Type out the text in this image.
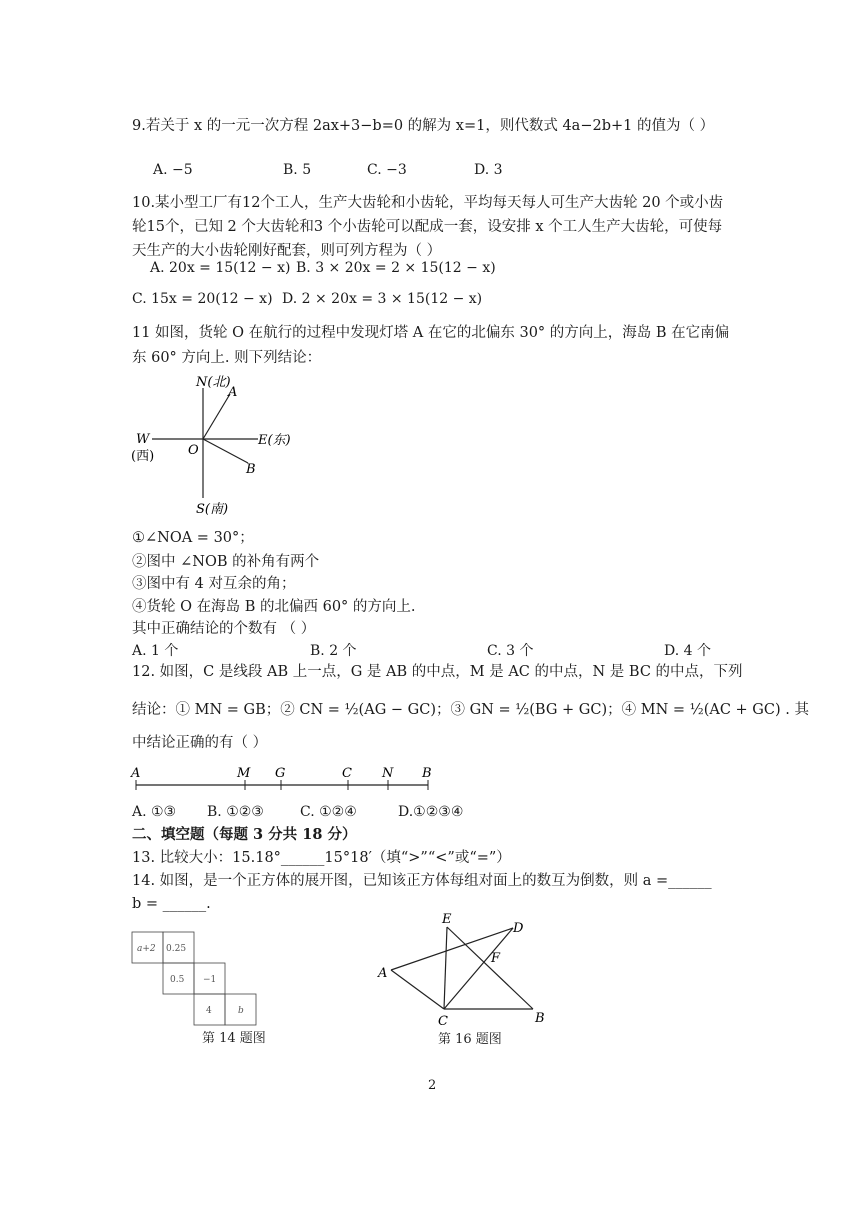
9.若关于 x 的一元一次方程 2ax+3−b=0 的解为 x=1，则代数式 4a−2b+1 的值为（ ）
A. −5	B. 5	C. −3	D. 3
10.某小型工厂有12个工人，生产大齿轮和小齿轮，平均每天每人可生产大齿轮 20 个或小齿
轮15个，已知 2 个大齿轮和3 个小齿轮可以配成一套，设安排 x 个工人生产大齿轮，可使每
天生产的大小齿轮刚好配套，则可列方程为（ ）
A. 20x = 15(12 − x) B. 3 × 20x = 2 × 15(12 − x)
C. 15x = 20(12 − x) D. 2 × 20x = 3 × 15(12 − x)
11 如图，货轮 O 在航行的过程中发现灯塔 A 在它的北偏东 30° 的方向上，海岛 B 在它南偏
东 60° 方向上. 则下列结论：
N(北)
A
W
(西)	O
E(东)
B
S(南)
①∠NOA = 30°；
②图中 ∠NOB 的补角有两个
③图中有 4 对互余的角；
④货轮 O 在海岛 B 的北偏西 60° 的方向上.
其中正确结论的个数有 （ ）
A. 1 个	B. 2 个	C. 3 个	D. 4 个
12. 如图，C 是线段 AB 上一点，G 是 AB 的中点，M 是 AC 的中点，N 是 BC 的中点，下列
结论：① MN = GB；② CN = ½(AG − GC)；③ GN = ½(BG + GC)；④ MN = ½(AC + GC) . 其
中结论正确的有（ ）
A	M G	C N B
A. ①③ B. ①②③	C. ①②④	D.①②③④
二、填空题（每题 3 分共 18 分）
13. 比较大小：15.18°______15°18′（填“>”“<”或“=”）
14. 如图，是一个正方体的展开图，已知该正方体每组对面上的数互为倒数，则 a =______
b = ______.
a+2 0.25
0.5 −1
4	b
第 14 题图
E
D
F
A
C	B
第 16 题图
2
